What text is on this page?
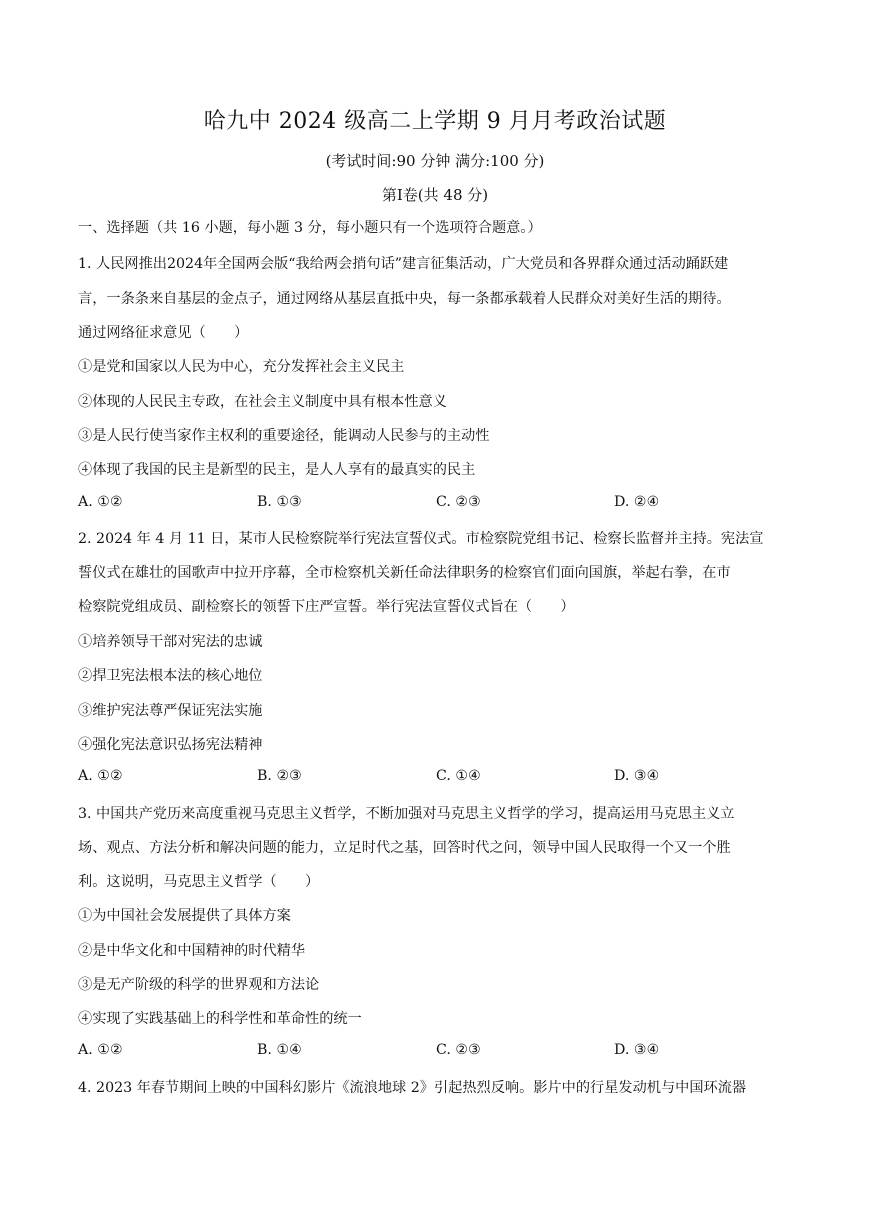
哈九中 2024 级高二上学期 9 月月考政治试题
(考试时间:90 分钟 满分:100 分)
第Ⅰ卷(共 48 分)
一、选择题（共 16 小题，每小题 3 分，每小题只有一个选项符合题意。）
1. 人民网推出2024年全国两会版“我给两会捎句话”建言征集活动，广大党员和各界群众通过活动踊跃建
言，一条条来自基层的金点子，通过网络从基层直抵中央，每一条都承载着人民群众对美好生活的期待。
通过网络征求意见（　　）
①是党和国家以人民为中心，充分发挥社会主义民主
②体现的人民民主专政，在社会主义制度中具有根本性意义
③是人民行使当家作主权利的重要途径，能调动人民参与的主动性
④体现了我国的民主是新型的民主，是人人享有的最真实的民主
A. ①②	B. ①③	C. ②③	D. ②④
2. 2024 年 4 月 11 日，某市人民检察院举行宪法宣誓仪式。市检察院党组书记、检察长监督并主持。宪法宣
誓仪式在雄壮的国歌声中拉开序幕，全市检察机关新任命法律职务的检察官们面向国旗，举起右拳，在市
检察院党组成员、副检察长的领誓下庄严宣誓。举行宪法宣誓仪式旨在（　　）
①培养领导干部对宪法的忠诚
②捍卫宪法根本法的核心地位
③维护宪法尊严保证宪法实施
④强化宪法意识弘扬宪法精神
A. ①②	B. ②③	C. ①④	D. ③④
3. 中国共产党历来高度重视马克思主义哲学，不断加强对马克思主义哲学的学习，提高运用马克思主义立
场、观点、方法分析和解决问题的能力，立足时代之基，回答时代之问，领导中国人民取得一个又一个胜
利。这说明，马克思主义哲学（　　）
①为中国社会发展提供了具体方案
②是中华文化和中国精神的时代精华
③是无产阶级的科学的世界观和方法论
④实现了实践基础上的科学性和革命性的统一
A. ①②	B. ①④	C. ②③	D. ③④
4. 2023 年春节期间上映的中国科幻影片《流浪地球 2》引起热烈反响。影片中的行星发动机与中国环流器
